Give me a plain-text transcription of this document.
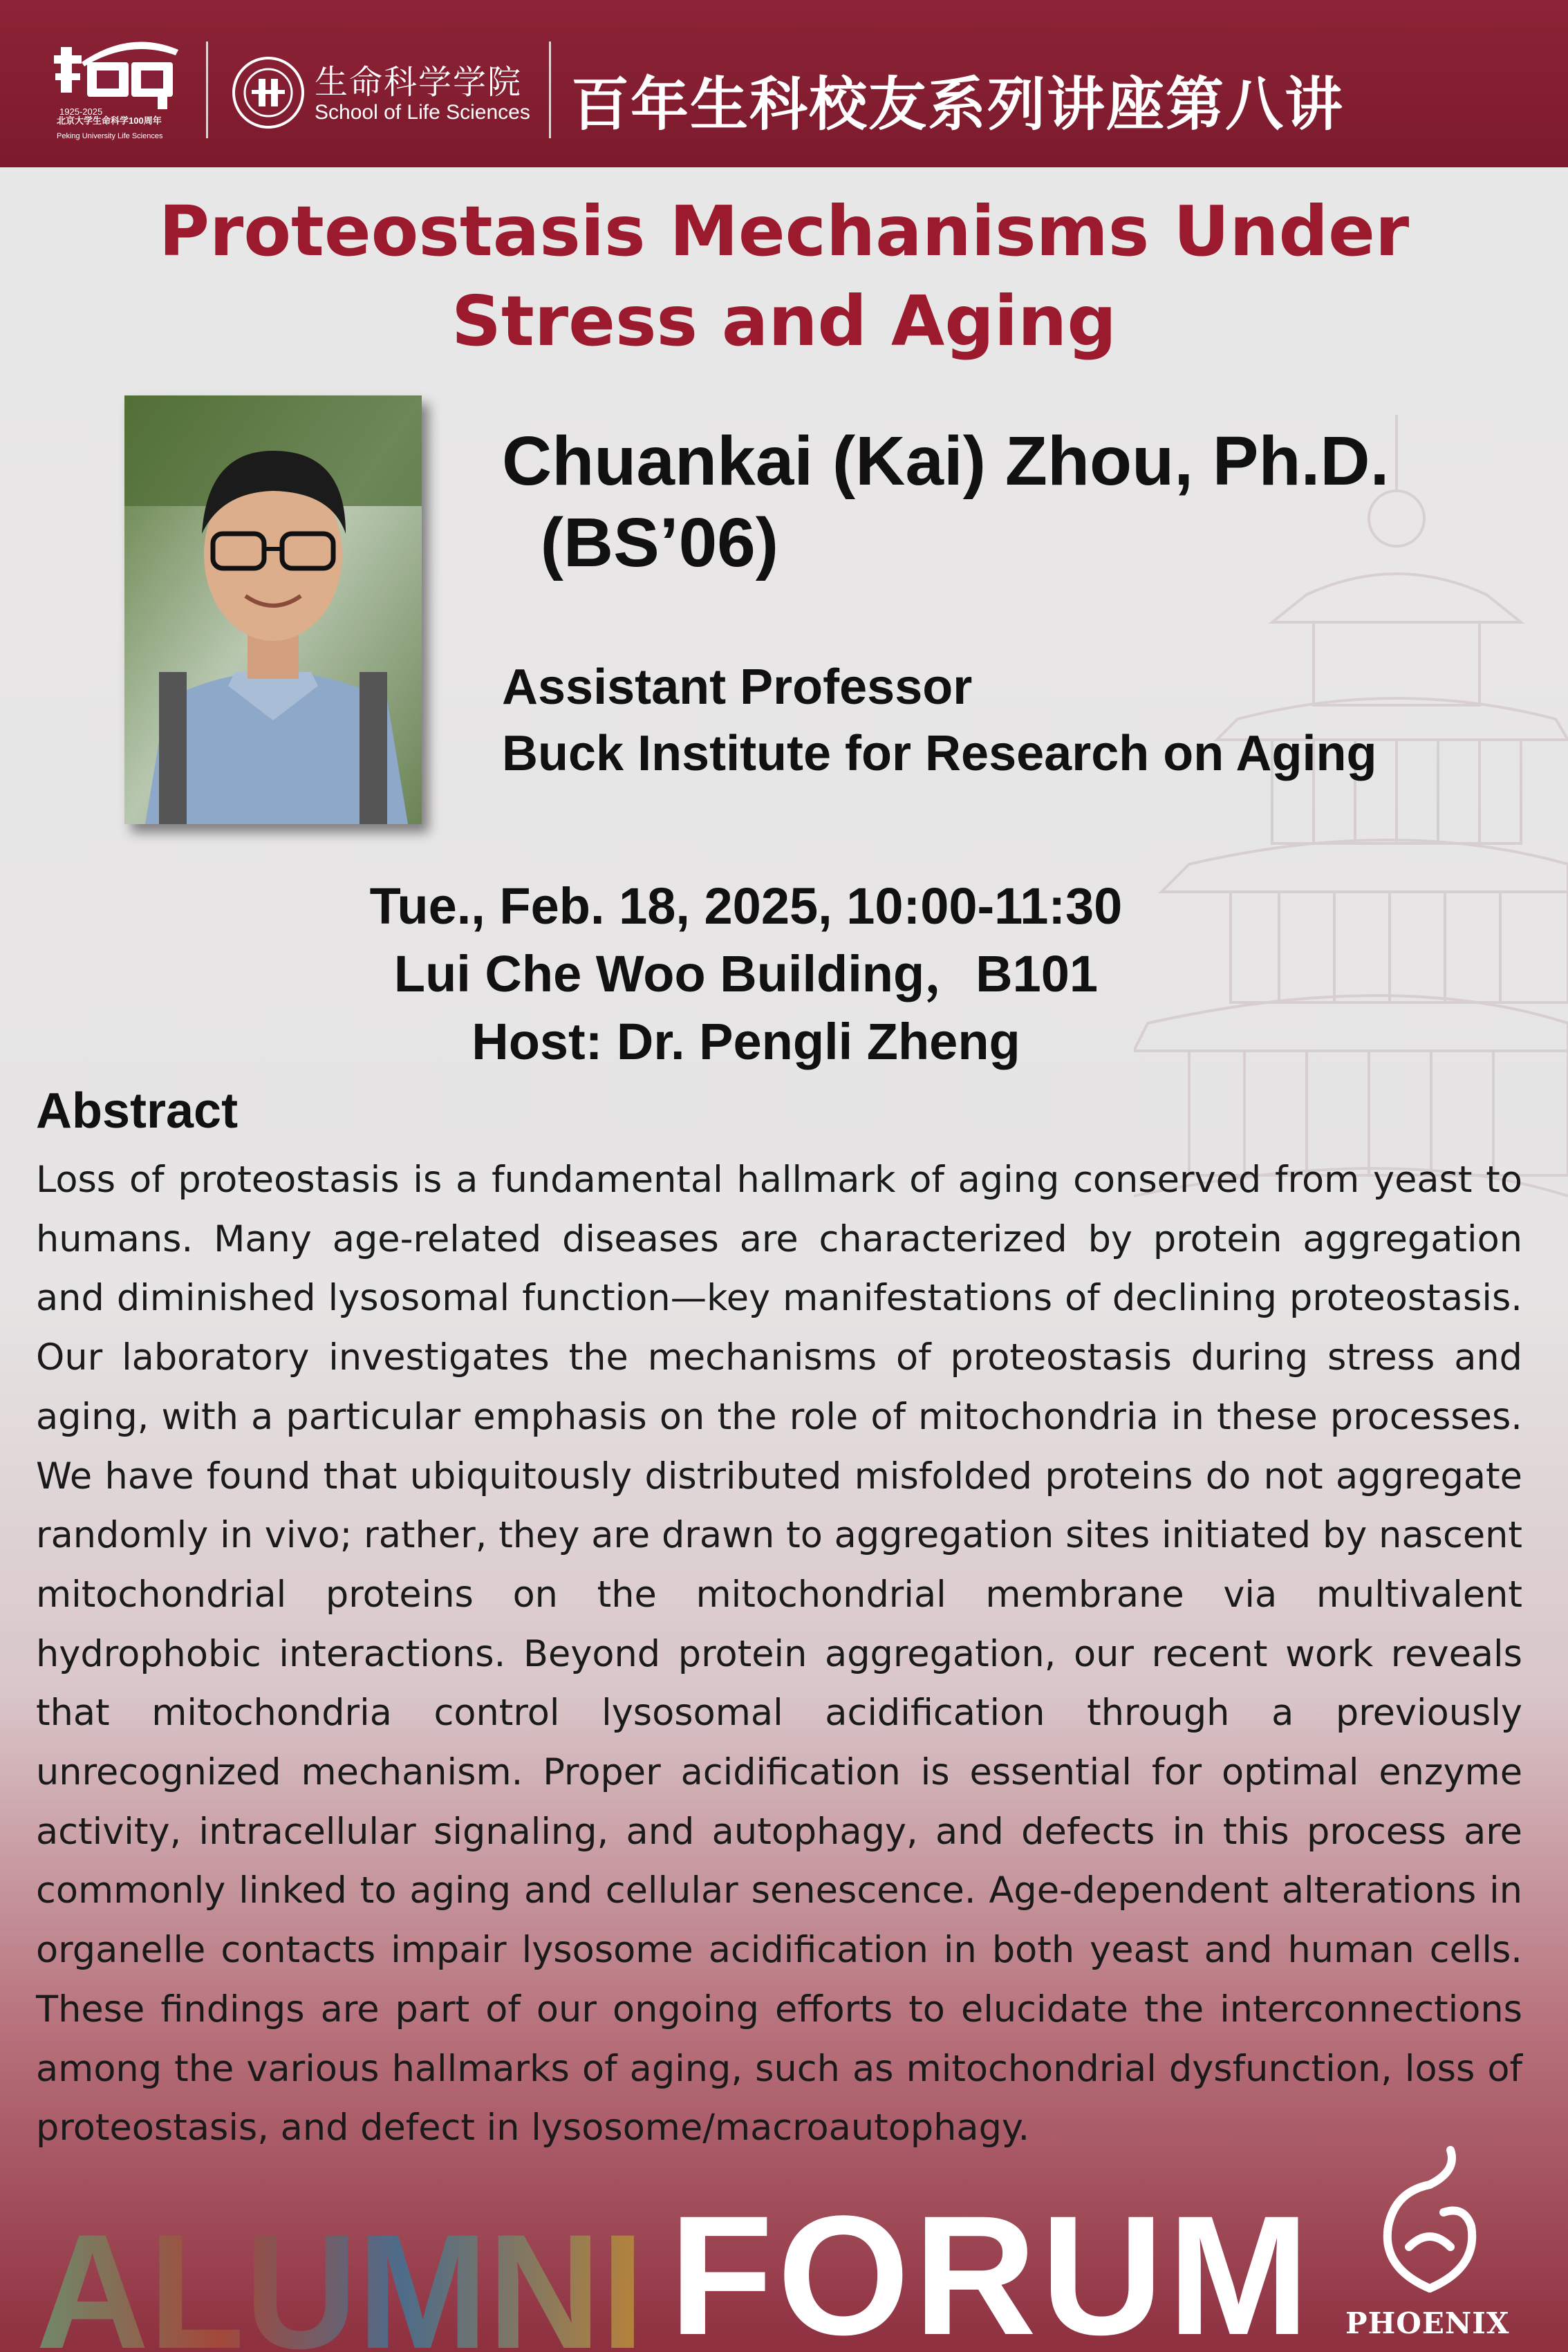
1925-2025
北京大学生命科学100周年
Peking University Life Sciences
生命科学学院
School of Life Sciences 百年生科校友系列讲座第八讲
Proteostasis Mechanisms Under
Stress and Aging
Chuankai (Kai) Zhou, Ph.D.
(BS’06)
Assistant Professor
Buck Institute for Research on Aging
Tue., Feb. 18, 2025, 10:00-11:30
Lui Che Woo Building，B101
Host: Dr. Pengli Zheng
Abstract
Loss of proteostasis is a fundamental hallmark of aging conserved from yeast to humans. Many age-related diseases are characterized by protein aggregation and diminished lysosomal function—key manifestations of declining proteostasis. Our laboratory investigates the mechanisms of proteostasis during stress and aging, with a particular emphasis on the role of mitochondria in these processes. We have found that ubiquitously distributed misfolded proteins do not aggregate randomly in vivo; rather, they are drawn to aggregation sites initiated by nascent mitochondrial proteins on the mitochondrial membrane via multivalent hydrophobic interactions. Beyond protein aggregation, our recent work reveals that mitochondria control lysosomal acidification through a previously unrecognized mechanism. Proper acidification is essential for optimal enzyme activity, intracellular signaling, and autophagy, and defects in this process are commonly linked to aging and cellular senescence. Age-dependent alterations in organelle contacts impair lysosome acidification in both yeast and human cells. These findings are part of our ongoing efforts to elucidate the interconnections among the various hallmarks of aging, such as mitochondrial dysfunction, loss of proteostasis, and defect in lysosome/macroautophagy.
ALUMNI FORUM PHOENIX
